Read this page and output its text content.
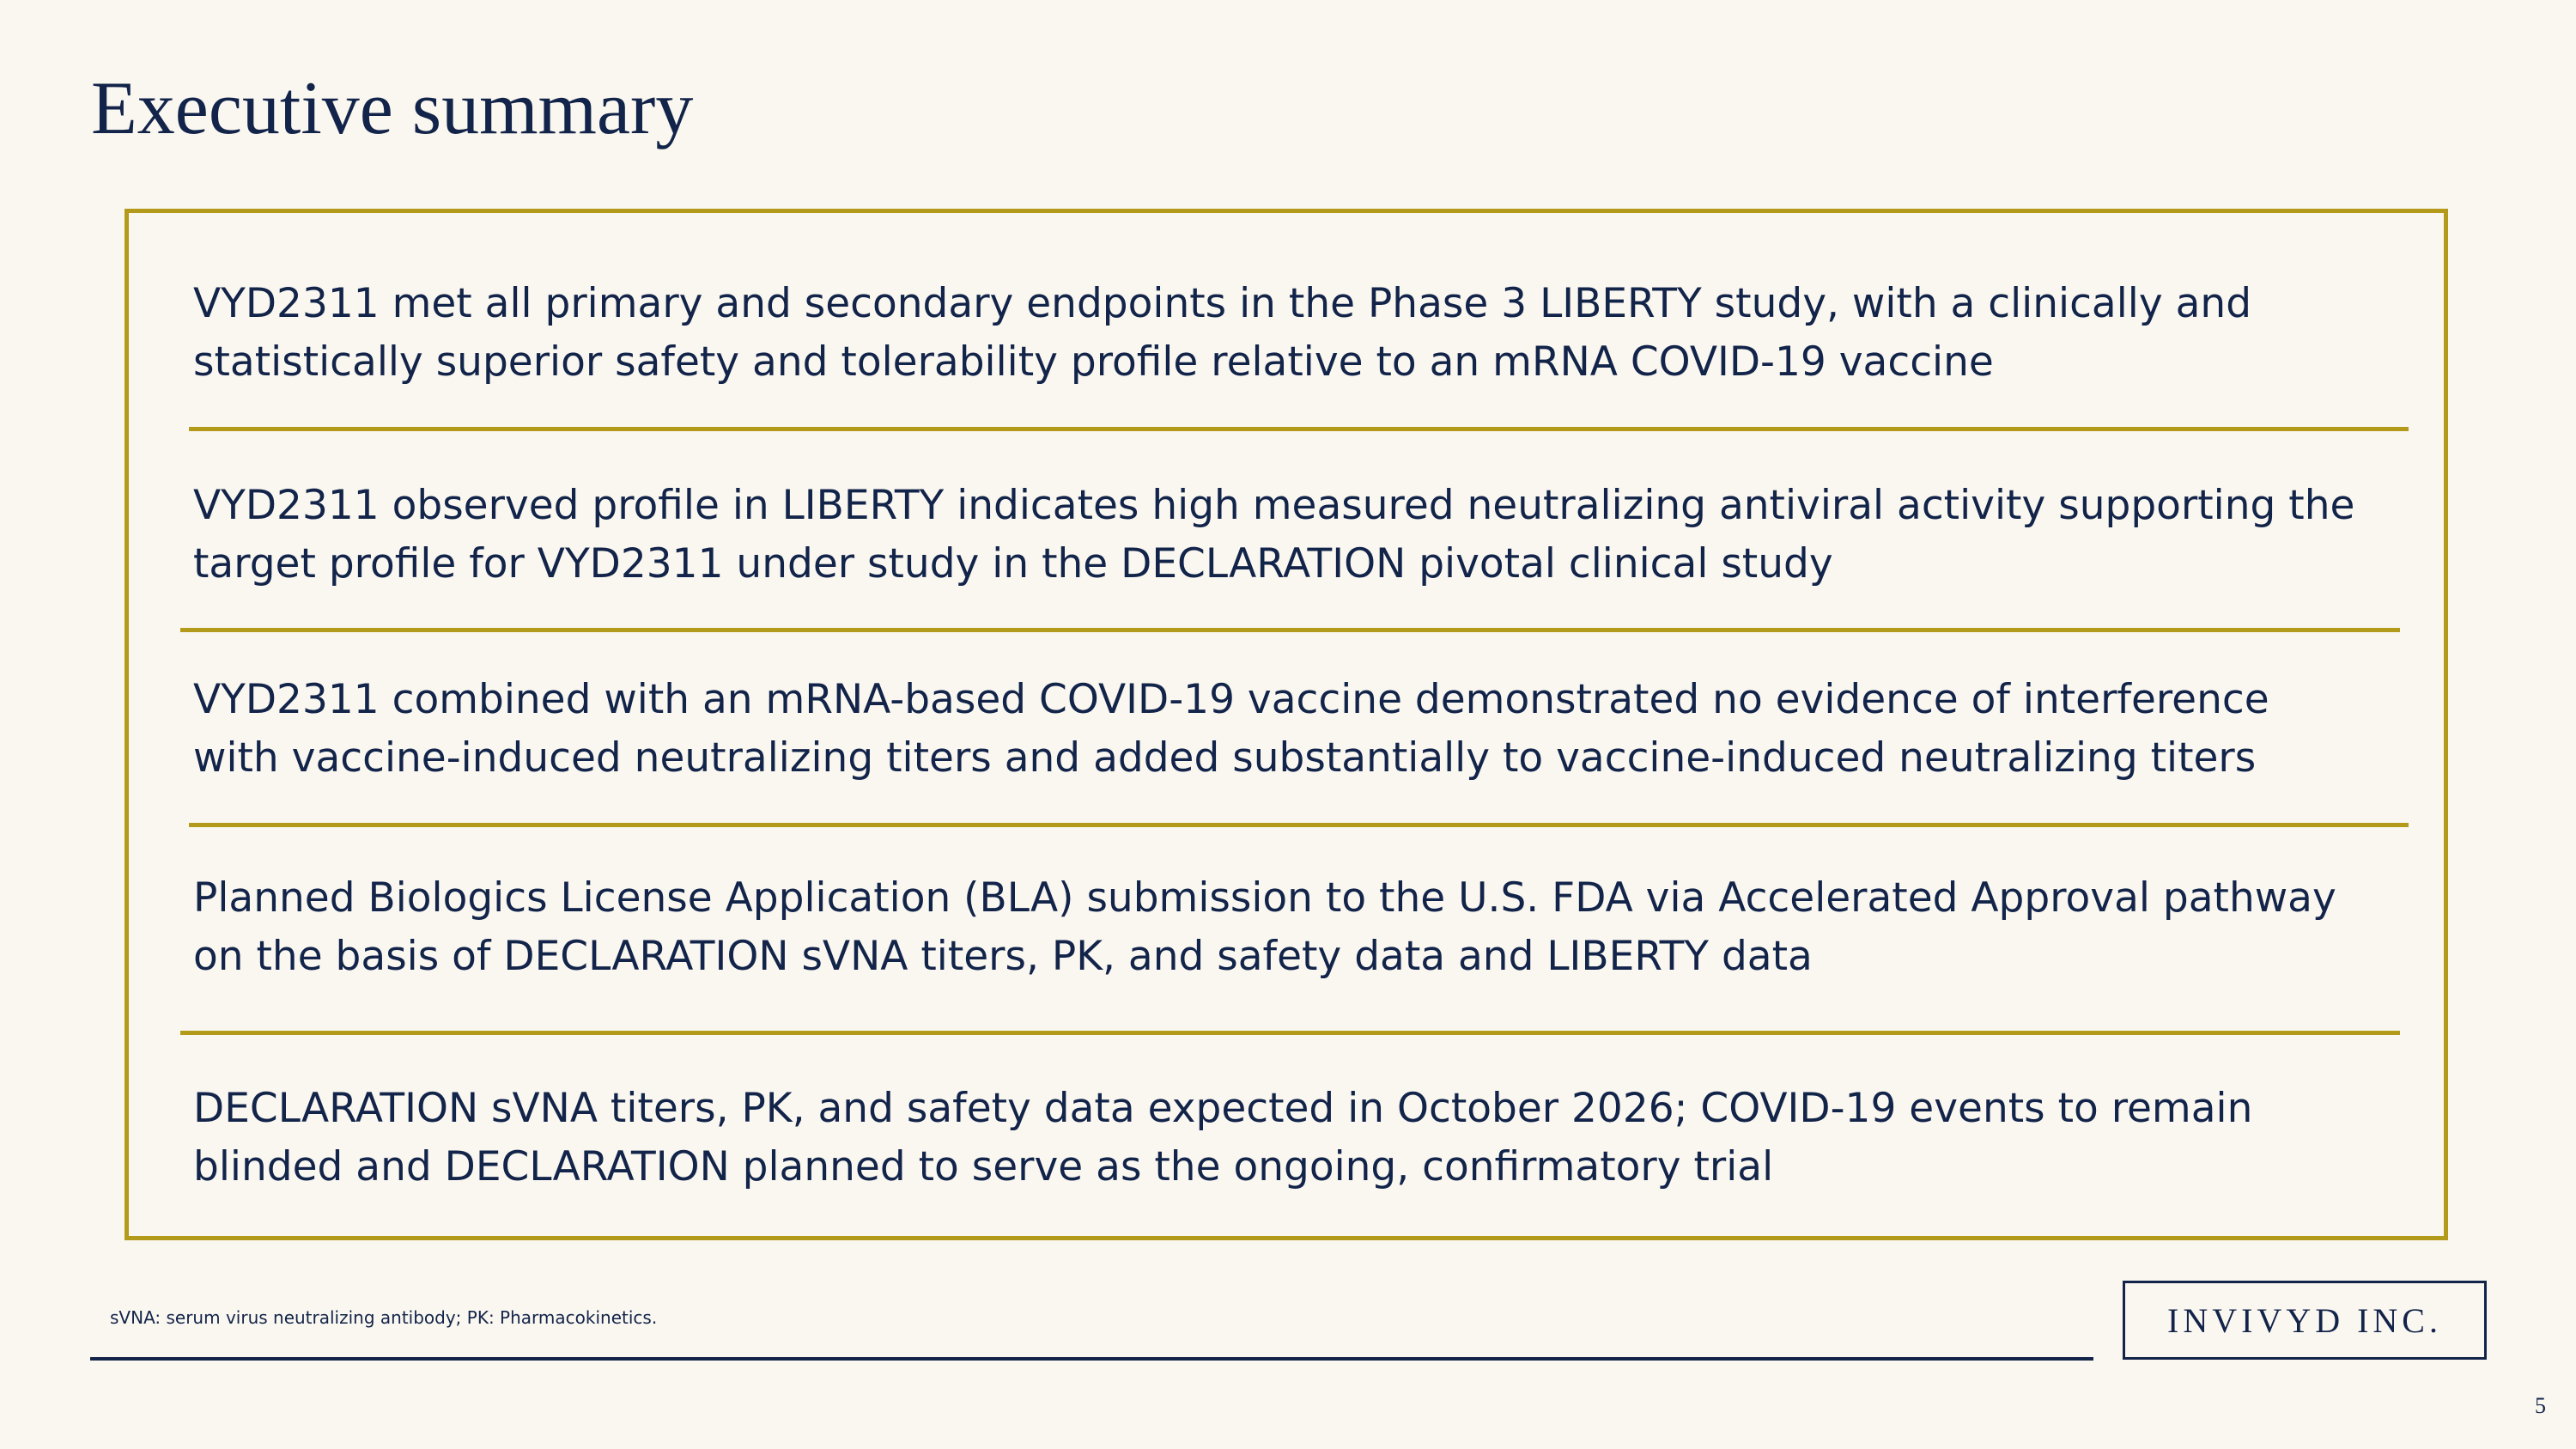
Executive summary

VYD2311 met all primary and secondary endpoints in the Phase 3 LIBERTY study, with a clinically and
statistically superior safety and tolerability profile relative to an mRNA COVID-19 vaccine

VYD2311 observed profile in LIBERTY indicates high measured neutralizing antiviral activity supporting the
target profile for VYD2311 under study in the DECLARATION pivotal clinical study

VYD2311 combined with an mRNA-based COVID-19 vaccine demonstrated no evidence of interference
with vaccine-induced neutralizing titers and added substantially to vaccine-induced neutralizing titers

Planned Biologics License Application (BLA) submission to the U.S. FDA via Accelerated Approval pathway
on the basis of DECLARATION sVNA titers, PK, and safety data and LIBERTY data

DECLARATION sVNA titers, PK, and safety data expected in October 2026; COVID-19 events to remain
blinded and DECLARATION planned to serve as the ongoing, confirmatory trial

sVNA: serum virus neutralizing antibody; PK: Pharmacokinetics.	INVIVYD INC.
5
